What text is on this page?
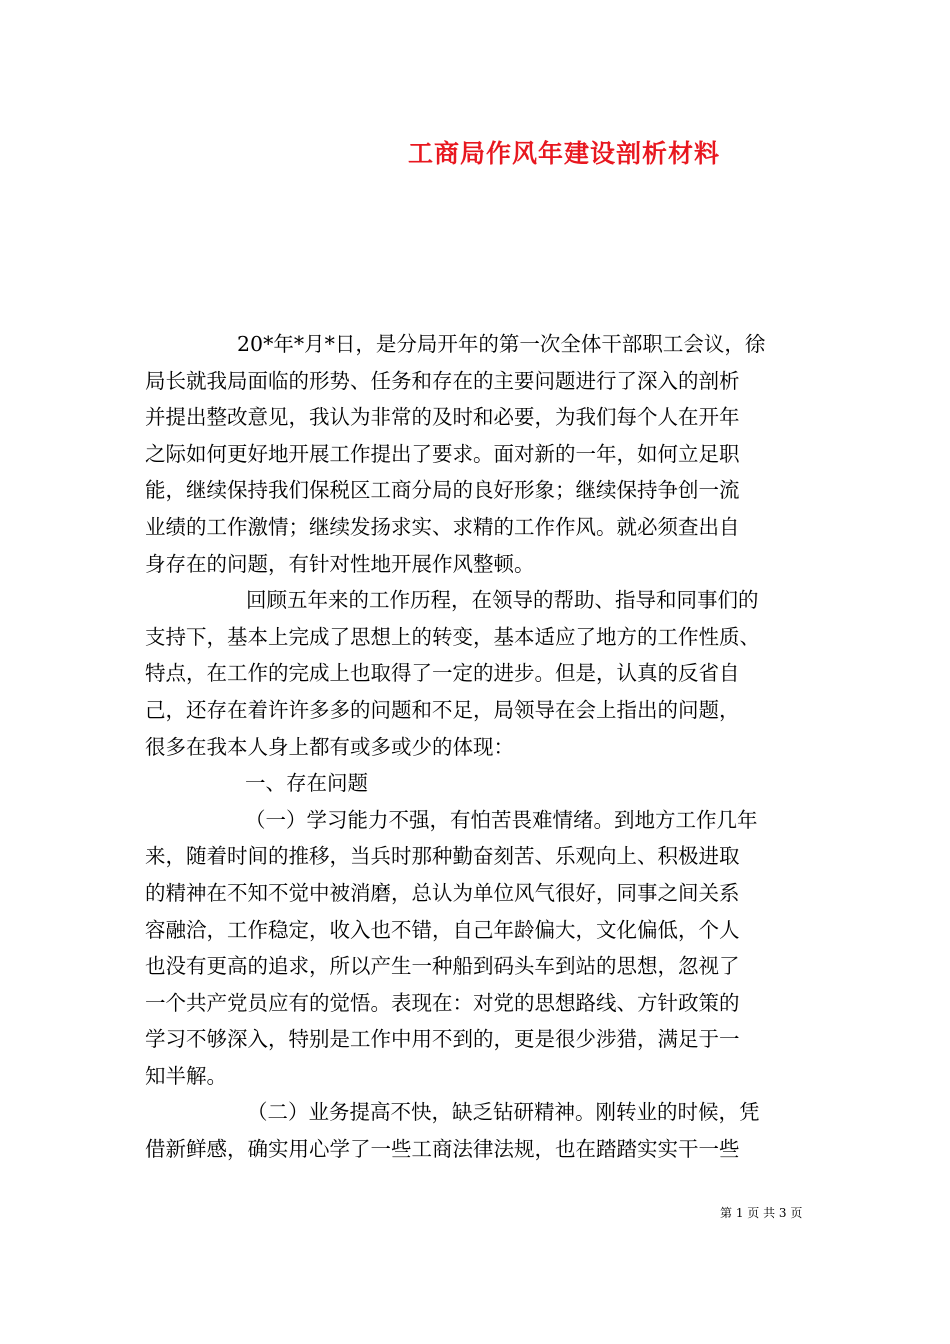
工商局作风年建设剖析材料
20*年*月*日，是分局开年的第一次全体干部职工会议，徐
局长就我局面临的形势、任务和存在的主要问题进行了深入的剖析
并提出整改意见，我认为非常的及时和必要，为我们每个人在开年
之际如何更好地开展工作提出了要求。面对新的一年，如何立足职
能，继续保持我们保税区工商分局的良好形象；继续保持争创一流
业绩的工作激情；继续发扬求实、求精的工作作风。就必须查出自
身存在的问题，有针对性地开展作风整顿。
回顾五年来的工作历程，在领导的帮助、指导和同事们的
支持下，基本上完成了思想上的转变，基本适应了地方的工作性质、
特点，在工作的完成上也取得了一定的进步。但是，认真的反省自
己，还存在着许许多多的问题和不足，局领导在会上指出的问题，
很多在我本人身上都有或多或少的体现：
一、存在问题
（一）学习能力不强，有怕苦畏难情绪。到地方工作几年
来，随着时间的推移，当兵时那种勤奋刻苦、乐观向上、积极进取
的精神在不知不觉中被消磨，总认为单位风气很好，同事之间关系
容融洽，工作稳定，收入也不错，自己年龄偏大，文化偏低，个人
也没有更高的追求，所以产生一种船到码头车到站的思想，忽视了
一个共产党员应有的觉悟。表现在：对党的思想路线、方针政策的
学习不够深入，特别是工作中用不到的，更是很少涉猎，满足于一
知半解。
（二）业务提高不快，缺乏钻研精神。刚转业的时候，凭
借新鲜感，确实用心学了一些工商法律法规，也在踏踏实实干一些
第 1 页 共 3 页
